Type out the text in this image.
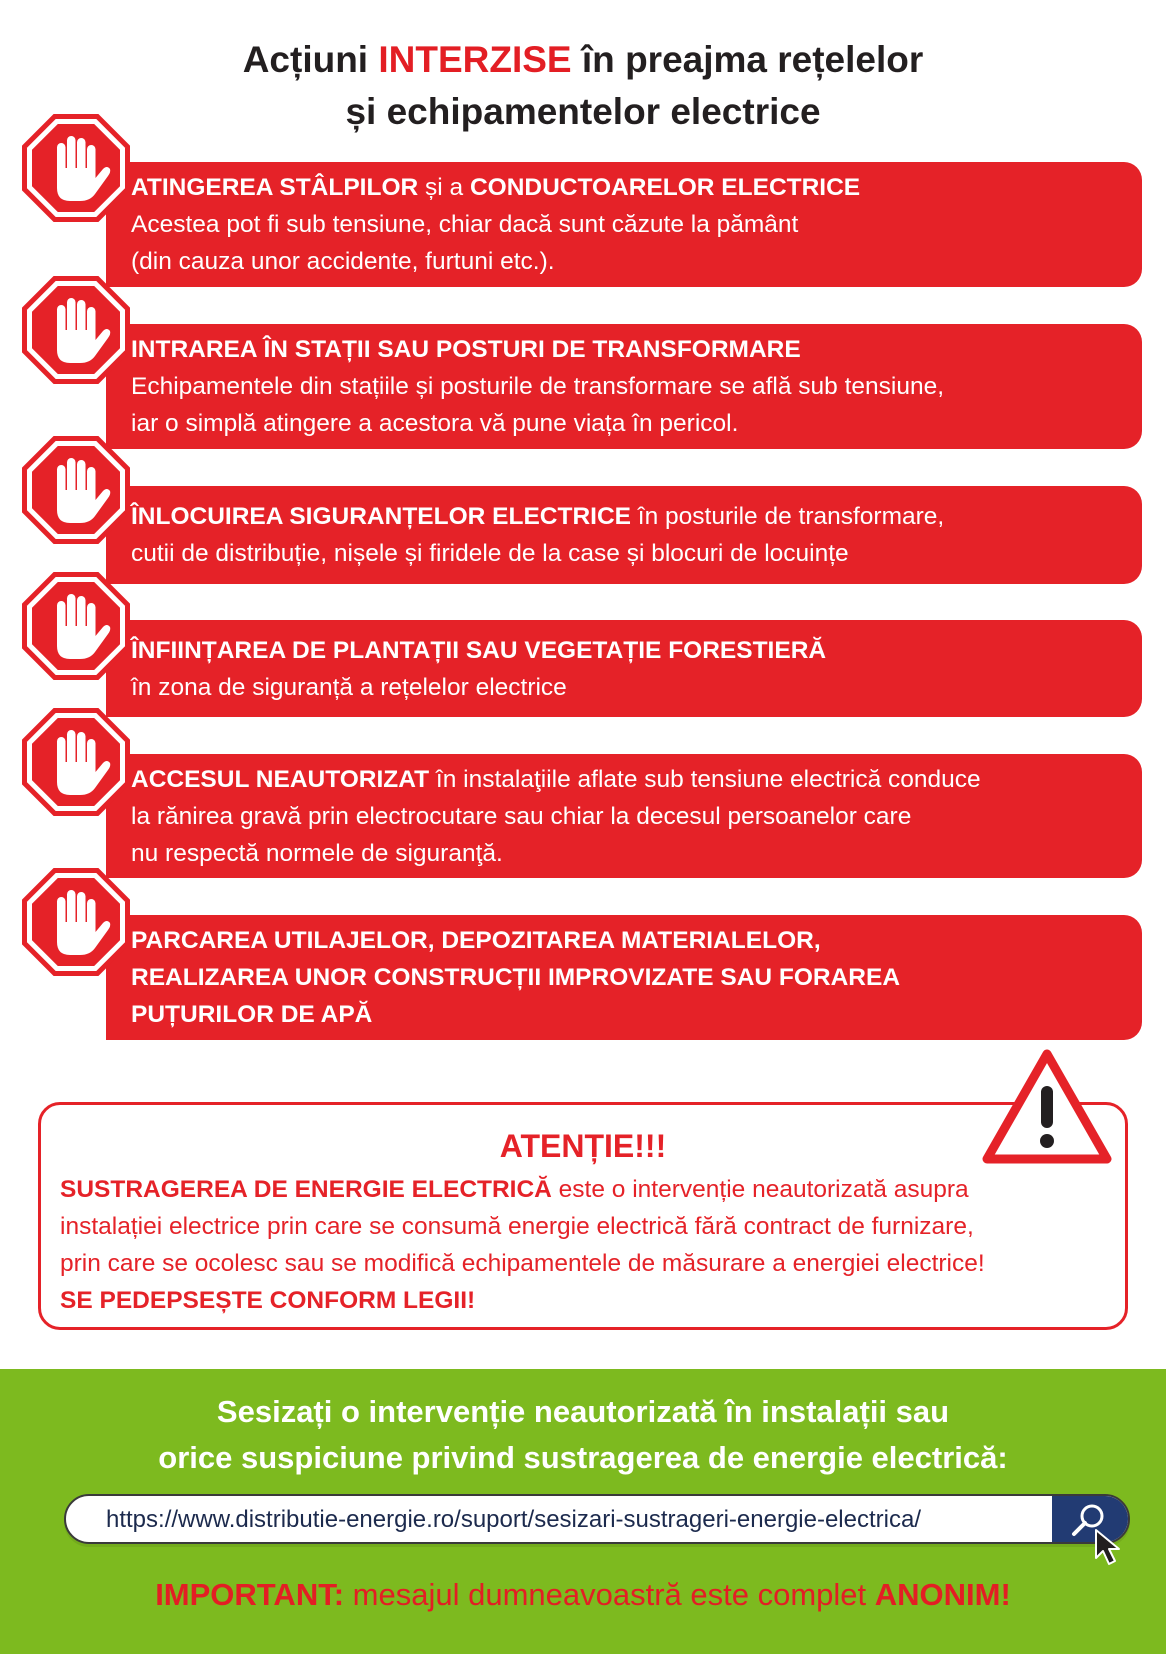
Acțiuni INTERZISE în preajma rețelelor
și echipamentelor electrice
ATINGEREA STÂLPILOR și a CONDUCTOARELOR ELECTRICE
Acestea pot fi sub tensiune, chiar dacă sunt căzute la pământ
(din cauza unor accidente, furtuni etc.).
INTRAREA ÎN STAȚII SAU POSTURI DE TRANSFORMARE
Echipamentele din stațiile și posturile de transformare se află sub tensiune,
iar o simplă atingere a acestora vă pune viața în pericol.
ÎNLOCUIREA SIGURANȚELOR ELECTRICE în posturile de transformare,
cutii de distribuție, nișele și firidele de la case și blocuri de locuințe
ÎNFIINȚAREA DE PLANTAȚII SAU VEGETAȚIE FORESTIERĂ
în zona de siguranță a rețelelor electrice
ACCESUL NEAUTORIZAT în instalaţiile aflate sub tensiune electrică conduce
la rănirea gravă prin electrocutare sau chiar la decesul persoanelor care
nu respectă normele de siguranţă.
PARCAREA UTILAJELOR, DEPOZITAREA MATERIALELOR,
REALIZAREA UNOR CONSTRUCȚII IMPROVIZATE SAU FORAREA
PUȚURILOR DE APĂ
ATENȚIE!!!
SUSTRAGEREA DE ENERGIE ELECTRICĂ este o intervenție neautorizată asupra
instalației electrice prin care se consumă energie electrică fără contract de furnizare,
prin care se ocolesc sau se modifică echipamentele de măsurare a energiei electrice!
SE PEDEPSEȘTE CONFORM LEGII!
Sesizați o intervenție neautorizată în instalații sau
orice suspiciune privind sustragerea de energie electrică:
https://www.distributie-energie.ro/suport/sesizari-sustrageri-energie-electrica/
IMPORTANT: mesajul dumneavoastră este complet ANONIM!
